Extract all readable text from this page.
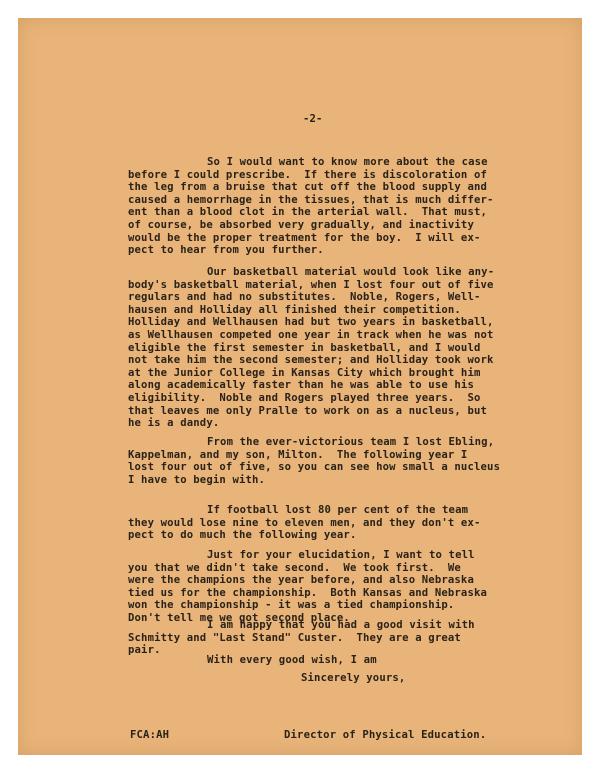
-2-
So I would want to know more about the case
before I could prescribe.  If there is discoloration of
the leg from a bruise that cut off the blood supply and
caused a hemorrhage in the tissues, that is much differ-
ent than a blood clot in the arterial wall.  That must,
of course, be absorbed very gradually, and inactivity
would be the proper treatment for the boy.  I will ex-
pect to hear from you further.
Our basketball material would look like any-
body's basketball material, when I lost four out of five
regulars and had no substitutes.  Noble, Rogers, Well-
hausen and Holliday all finished their competition.
Holliday and Wellhausen had but two years in basketball,
as Wellhausen competed one year in track when he was not
eligible the first semester in basketball, and I would
not take him the second semester; and Holliday took work
at the Junior College in Kansas City which brought him
along academically faster than he was able to use his
eligibility.  Noble and Rogers played three years.  So
that leaves me only Pralle to work on as a nucleus, but
he is a dandy.
From the ever-victorious team I lost Ebling,
Kappelman, and my son, Milton.  The following year I
lost four out of five, so you can see how small a nucleus
I have to begin with.
If football lost 80 per cent of the team
they would lose nine to eleven men, and they don't ex-
pect to do much the following year.
Just for your elucidation, I want to tell
you that we didn't take second.  We took first.  We
were the champions the year before, and also Nebraska
tied us for the championship.  Both Kansas and Nebraska
won the championship - it was a tied championship.
Don't tell me we got second place.
I am happy that you had a good visit with
Schmitty and "Last Stand" Custer.  They are a great
pair.
With every good wish, I am
Sincerely yours,
FCA:AH	Director of Physical Education.
